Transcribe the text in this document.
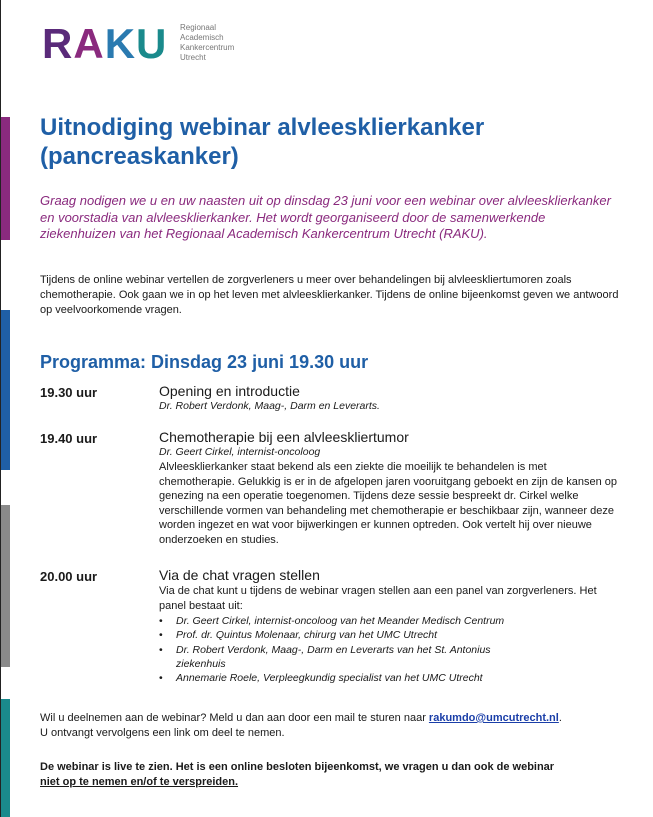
RAKU Regionaal
Academisch
Kankercentrum
Utrecht
Uitnodiging webinar alvleesklierkanker (pancreaskanker)

Graag nodigen we u en uw naasten uit op dinsdag 23 juni voor een webinar over alvleesklierkanker en voorstadia van alvleesklierkanker. Het wordt georganiseerd door de samenwerkende ziekenhuizen van het Regionaal Academisch Kankercentrum Utrecht (RAKU).

Tijdens de online webinar vertellen de zorgverleners u meer over behandelingen bij alvleeskliertumoren zoals chemotherapie. Ook gaan we in op het leven met alvleesklierkanker. Tijdens de online bijeenkomst geven we antwoord op veelvoorkomende vragen.

Programma: Dinsdag 23 juni 19.30 uur
19.30 uur	Opening en introductie
Dr. Robert Verdonk, Maag-, Darm en Leverarts.
19.40 uur	Chemotherapie bij een alvleeskliertumor
Dr. Geert Cirkel, internist-oncoloog

Alvleesklierkanker staat bekend als een ziekte die moeilijk te behandelen is met chemotherapie. Gelukkig is er in de afgelopen jaren vooruitgang geboekt en zijn de kansen op genezing na een operatie toegenomen. Tijdens deze sessie bespreekt dr. Cirkel welke verschillende vormen van behandeling met chemotherapie er beschikbaar zijn, wanneer deze worden ingezet en wat voor bijwerkingen er kunnen optreden. Ook vertelt hij over nieuwe onderzoeken en studies.

20.00 uur	Via de chat vragen stellen

Via de chat kunt u tijdens de webinar vragen stellen aan een panel van zorgverleners. Het panel bestaat uit:

• Dr. Geert Cirkel, internist-oncoloog van het Meander Medisch Centrum
• Prof. dr. Quintus Molenaar, chirurg van het UMC Utrecht
• Dr. Robert Verdonk, Maag-, Darm en Leverarts van het St. Antonius ziekenhuis
• Annemarie Roele, Verpleegkundig specialist van het UMC Utrecht

Wil u deelnemen aan de webinar? Meld u dan aan door een mail te sturen naar rakumdo@umcutrecht.nl.
U ontvangt vervolgens een link om deel te nemen.

De webinar is live te zien. Het is een online besloten bijeenkomst, we vragen u dan ook de webinar
niet op te nemen en/of te verspreiden.
